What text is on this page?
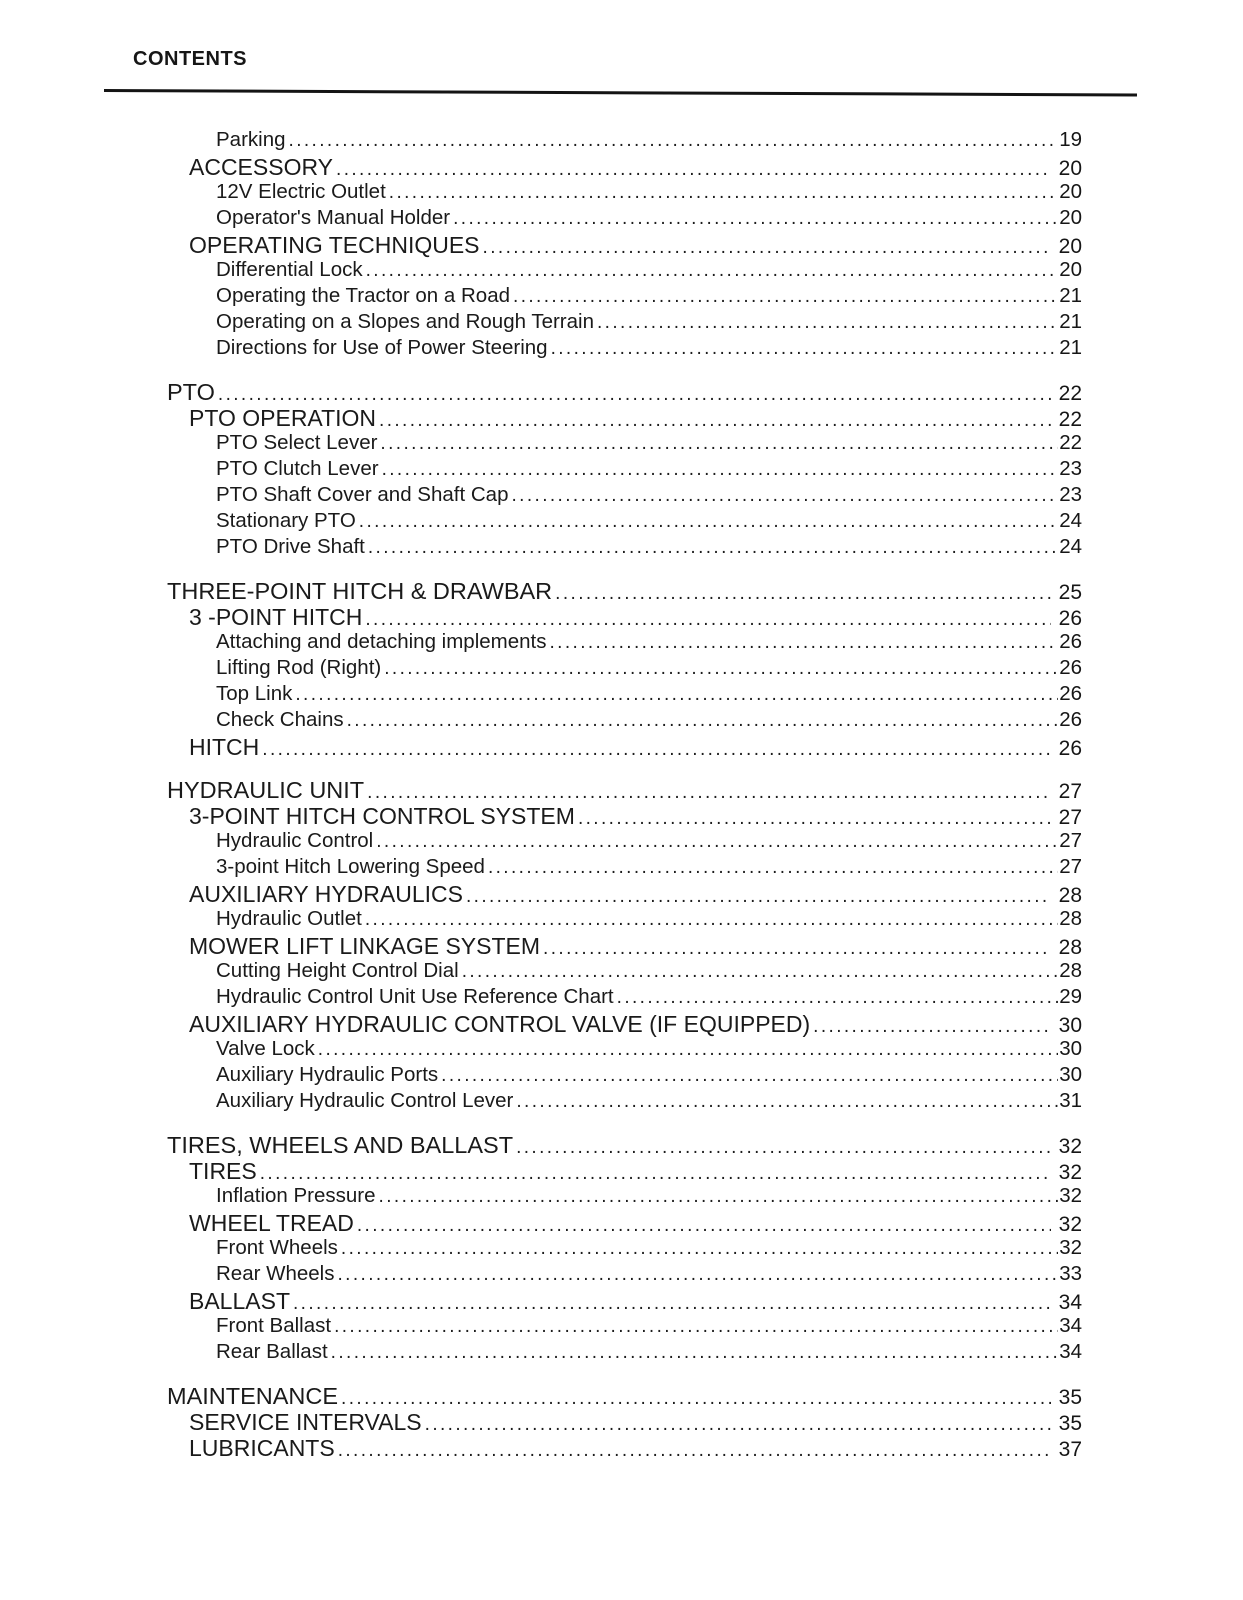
CONTENTS
Parking .....	19
ACCESSORY .....	20
12V Electric Outlet .....	20
Operator's Manual Holder .....	20
OPERATING TECHNIQUES .....	20
Differential Lock .....	20
Operating the Tractor on a Road .....	21
Operating on a Slopes and Rough Terrain .....	21
Directions for Use of Power Steering .....	21
PTO .....	22
PTO OPERATION .....	22
PTO Select Lever .....	22
PTO Clutch Lever .....	23
PTO Shaft Cover and Shaft Cap .....	23
Stationary PTO .....	24
PTO Drive Shaft .....	24
THREE-POINT HITCH & DRAWBAR .....	25
3 -POINT HITCH .....	26
Attaching and detaching implements .....	26
Lifting Rod (Right) .....	26
Top Link .....	26
Check Chains .....	26
HITCH .....	26
HYDRAULIC UNIT .....	27
3-POINT HITCH CONTROL SYSTEM .....	27
Hydraulic Control .....	27
3-point Hitch Lowering Speed .....	27
AUXILIARY HYDRAULICS .....	28
Hydraulic Outlet .....	28
MOWER LIFT LINKAGE SYSTEM .....	28
Cutting Height Control Dial .....	28
Hydraulic Control Unit Use Reference Chart .....	29
AUXILIARY HYDRAULIC CONTROL VALVE (IF EQUIPPED) .....	30
Valve Lock .....	30
Auxiliary Hydraulic Ports .....	30
Auxiliary Hydraulic Control Lever .....	31
TIRES, WHEELS AND BALLAST .....	32
TIRES .....	32
Inflation Pressure .....	32
WHEEL TREAD .....	32
Front Wheels .....	32
Rear Wheels .....	33
BALLAST .....	34
Front Ballast .....	34
Rear Ballast .....	34
MAINTENANCE .....	35
SERVICE INTERVALS .....	35
LUBRICANTS .....	37
